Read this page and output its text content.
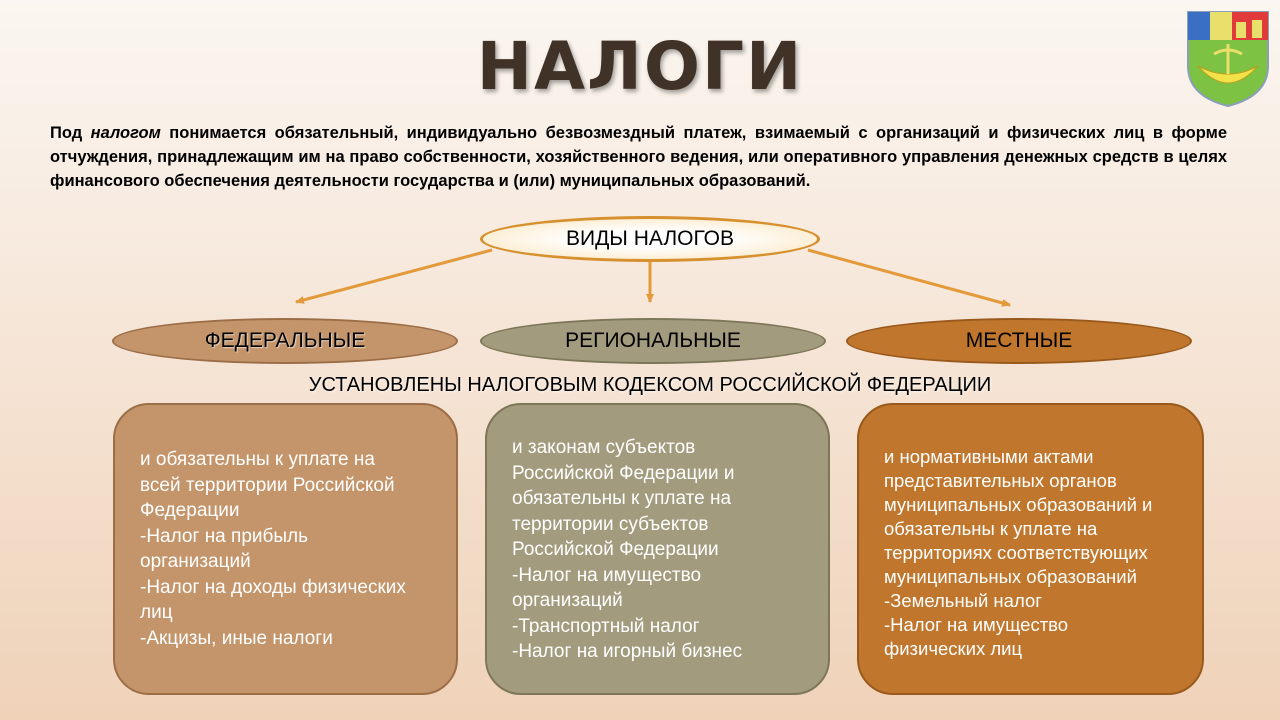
НАЛОГИ
Под налогом понимается обязательный, индивидуально безвозмездный платеж, взимаемый с организаций и физических лиц в форме отчуждения, принадлежащим им на право собственности, хозяйственного ведения, или оперативного управления денежных средств в целях финансового обеспечения деятельности государства и (или) муниципальных образований.
ВИДЫ НАЛОГОВ
ФЕДЕРАЛЬНЫЕ	РЕГИОНАЛЬНЫЕ	МЕСТНЫЕ
УСТАНОВЛЕНЫ НАЛОГОВЫМ КОДЕКСОМ РОССИЙСКОЙ ФЕДЕРАЦИИ
и обязательны к уплате на
всей территории Российской
Федерации
-Налог на прибыль
организаций
-Налог на доходы физических
лиц
-Акцизы, иные налоги
и законам субъектов
Российской Федерации и
обязательны к уплате на
территории субъектов
Российской Федерации
-Налог на имущество
организаций
-Транспортный налог
-Налог на игорный бизнес
и нормативными актами
представительных органов
муниципальных образований и
обязательны к уплате на
территориях соответствующих
муниципальных образований
-Земельный налог
-Налог на имущество
физических лиц
